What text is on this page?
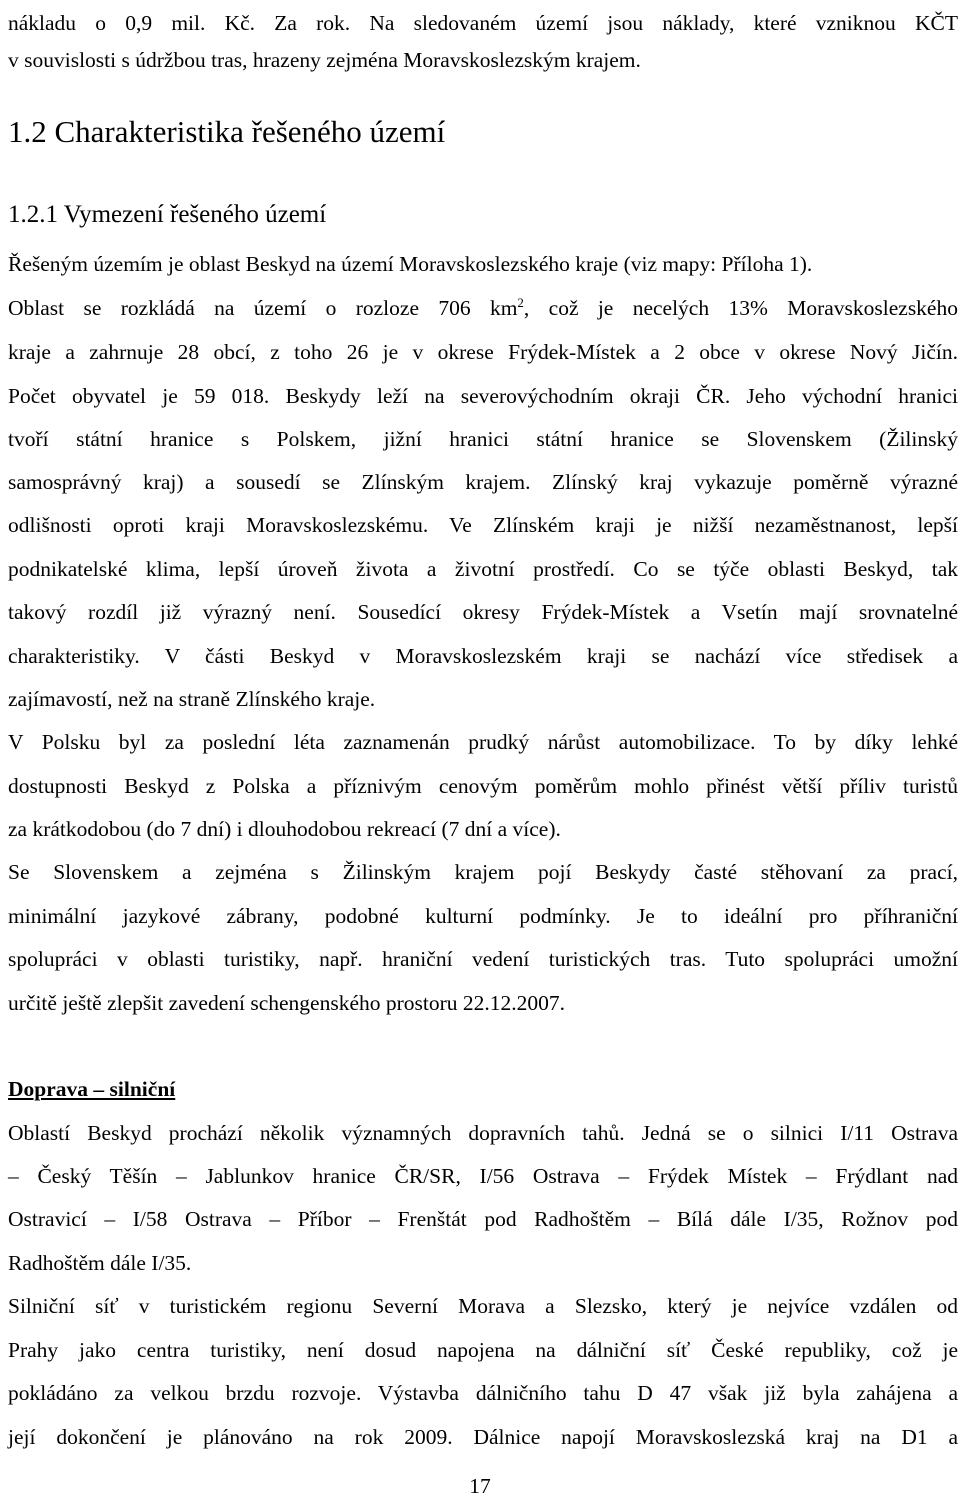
nákladu o 0,9 mil. Kč. Za rok. Na sledovaném území jsou náklady, které vzniknou KČT
v souvislosti s údržbou tras, hrazeny zejména Moravskoslezským krajem.
1.2 Charakteristika řešeného území
1.2.1 Vymezení řešeného území
Řešeným územím je oblast Beskyd na území Moravskoslezského kraje (viz mapy: Příloha 1).
Oblast se rozkládá na území o rozloze 706 $km^2$, což je necelých 13% Moravskoslezského
kraje a zahrnuje 28 obcí, z toho 26 je v okrese Frýdek-Místek a 2 obce v okrese Nový Jičín.
Počet obyvatel je 59 018. Beskydy leží na severovýchodním okraji ČR. Jeho východní hranici
tvoří státní hranice s Polskem, jižní hranici státní hranice se Slovenskem (Žilinský
samosprávný kraj) a sousedí se Zlínským krajem. Zlínský kraj vykazuje poměrně výrazné
odlišnosti oproti kraji Moravskoslezskému. Ve Zlínském kraji je nižší nezaměstnanost, lepší
podnikatelské klima, lepší úroveň života a životní prostředí. Co se týče oblasti Beskyd, tak
takový rozdíl již výrazný není. Sousedící okresy Frýdek-Místek a Vsetín mají srovnatelné
charakteristiky. V části Beskyd v Moravskoslezském kraji se nachází více středisek a
zajímavostí, než na straně Zlínského kraje.
V Polsku byl za poslední léta zaznamenán prudký nárůst automobilizace. To by díky lehké
dostupnosti Beskyd z Polska a příznivým cenovým poměrům mohlo přinést větší příliv turistů
za krátkodobou (do 7 dní) i dlouhodobou rekreací (7 dní a více).
Se Slovenskem a zejména s Žilinským krajem pojí Beskydy časté stěhovaní za prací,
minimální jazykové zábrany, podobné kulturní podmínky. Je to ideální pro příhraniční
spolupráci v oblasti turistiky, např. hraniční vedení turistických tras. Tuto spolupráci umožní
určitě ještě zlepšit zavedení schengenského prostoru 22.12.2007.
Doprava – silniční
Oblastí Beskyd prochází několik významných dopravních tahů. Jedná se o silnici I/11 Ostrava
– Český Těšín – Jablunkov hranice ČR/SR, I/56 Ostrava – Frýdek Místek – Frýdlant nad
Ostravicí – I/58 Ostrava – Příbor – Frenštát pod Radhoštěm – Bílá dále I/35, Rožnov pod
Radhoštěm dále I/35.
Silniční síť v turistickém regionu Severní Morava a Slezsko, který je nejvíce vzdálen od
Prahy jako centra turistiky, není dosud napojena na dálniční síť České republiky, což je
pokládáno za velkou brzdu rozvoje. Výstavba dálničního tahu D 47 však již byla zahájena a
její dokončení je plánováno na rok 2009. Dálnice napojí Moravskoslezská kraj na D1 a
17
